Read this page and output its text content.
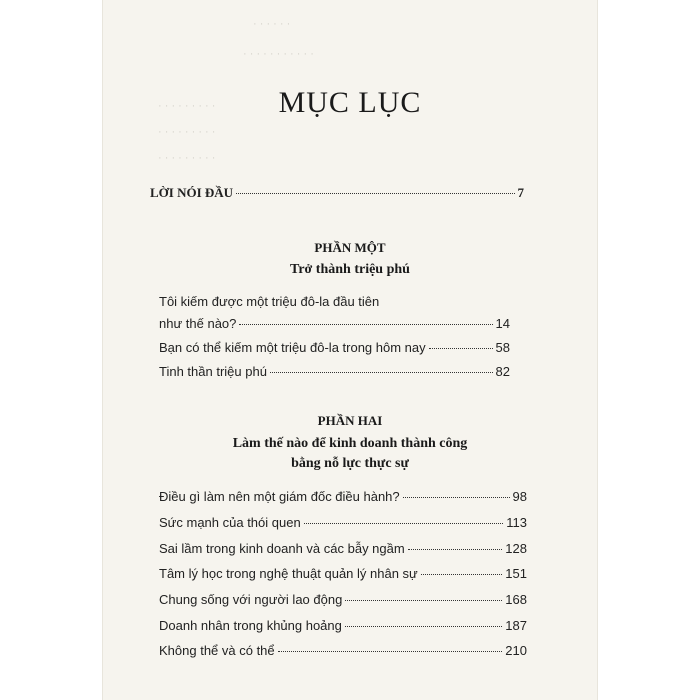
· · · · · ·
· · · · · · · · · · ·
· · · · · · · · ·
· · · · · · · · ·
· · · · · · · · ·
MỤC LỤC
LỜI NÓI ĐẦU	7
PHẦN MỘT
Trở thành triệu phú
Tôi kiếm được một triệu đô-la đầu tiên
như thế nào?	14
Bạn có thể kiếm một triệu đô-la trong hôm nay	58
Tinh thần triệu phú	82
PHẦN HAI
Làm thế nào để kinh doanh thành công
bằng nỗ lực thực sự
Điều gì làm nên một giám đốc điều hành?	98
Sức mạnh của thói quen	113
Sai lầm trong kinh doanh và các bẫy ngầm	128
Tâm lý học trong nghệ thuật quản lý nhân sự	151
Chung sống với người lao động	168
Doanh nhân trong khủng hoảng	187
Không thể và có thể	210
